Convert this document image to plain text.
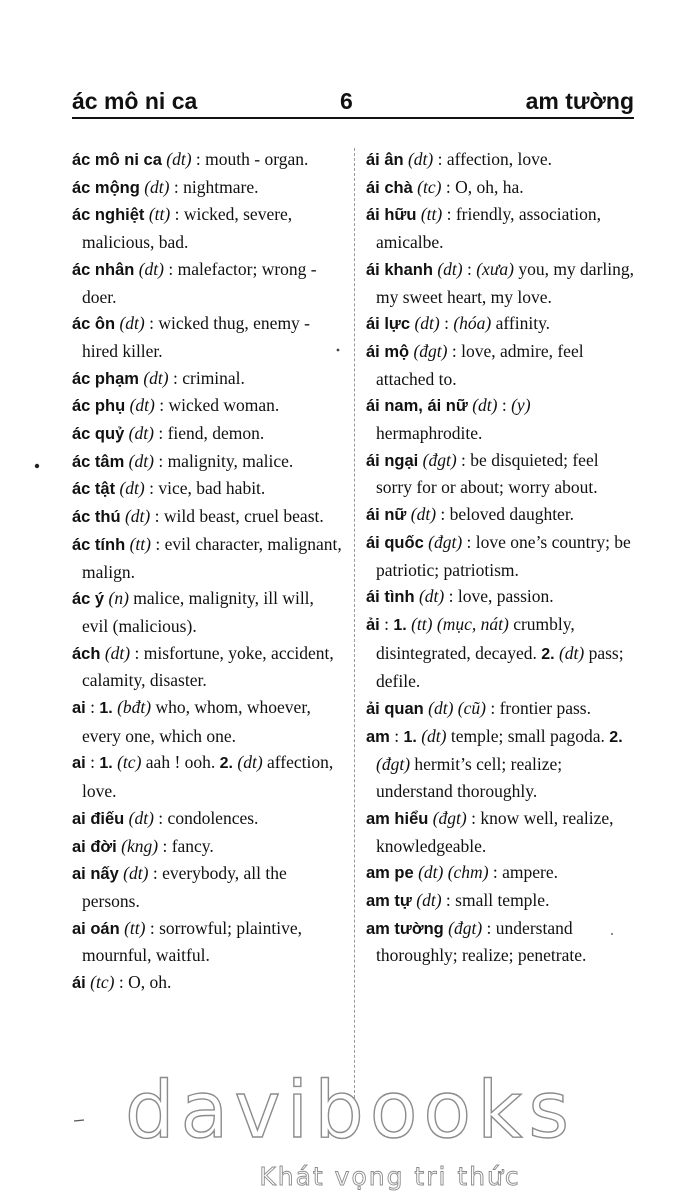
ác mô ni ca	6	am tường

ác mô ni ca (dt) : mouth - organ.

ác mộng (dt) : nightmare.

ác nghiệt (tt) : wicked, severe, malicious, bad.

ác nhân (dt) : malefactor; wrong - doer.

ác ôn (dt) : wicked thug, enemy - hired killer.

ác phạm (dt) : criminal.

ác phụ (dt) : wicked woman.

ác quỷ (dt) : fiend, demon.

ác tâm (dt) : malignity, malice.

ác tật (dt) : vice, bad habit.

ác thú (dt) : wild beast, cruel beast.

ác tính (tt) : evil character, malignant, malign.

ác ý (n) malice, malignity, ill will, evil (malicious).

ách (dt) : misfortune, yoke, accident, calamity, disaster.

ai : 1. (bđt) who, whom, whoever, every one, which one.

ai : 1. (tc) aah ! ooh. 2. (dt) affection, love.

ai điếu (dt) : condolences.

ai đời (kng) : fancy.

ai nấy (dt) : everybody, all the persons.

ai oán (tt) : sorrowful; plaintive, mournful, waitful.

ái (tc) : O, oh.

ái ân (dt) : affection, love.

ái chà (tc) : O, oh, ha.

ái hữu (tt) : friendly, association, amicalbe.

ái khanh (dt) : (xưa) you, my darling, my sweet heart, my love.

ái lực (dt) : (hóa) affinity.

ái mộ (đgt) : love, admire, feel attached to.

ái nam, ái nữ (dt) : (y) hermaphrodite.

ái ngại (đgt) : be disquieted; feel sorry for or about; worry about.

ái nữ (dt) : beloved daughter.

ái quốc (đgt) : love one’s country; be patriotic; patriotism.

ái tình (dt) : love, passion.

ải : 1. (tt) (mục, nát) crumbly, disintegrated, decayed. 2. (dt) pass; defile.

ải quan (dt) (cũ) : frontier pass.

am : 1. (dt) temple; small pagoda. 2. (đgt) hermit’s cell; realize; understand thoroughly.

am hiểu (đgt) : know well, realize, knowledgeable.

am pe (dt) (chm) : ampere.

am tự (dt) : small temple.

am tường (đgt) : understand thoroughly; realize; penetrate.

davibooks
Khát vọng tri thức
